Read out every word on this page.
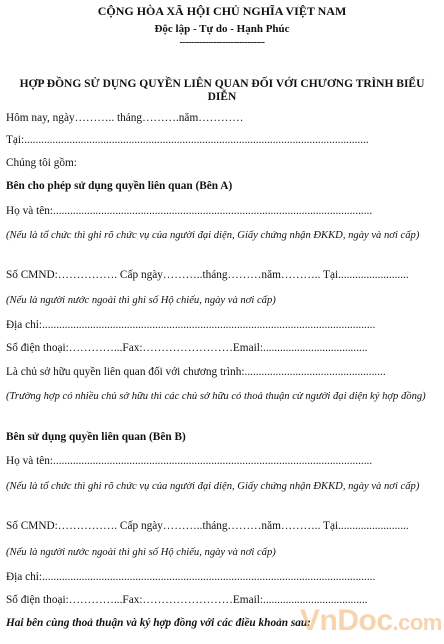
CỘNG HÒA XÃ HỘI CHỦ NGHĨA VIỆT NAM
Độc lập - Tự do - Hạnh Phúc
------------------------------
HỢP ĐỒNG SỬ DỤNG QUYỀN LIÊN QUAN ĐỐI VỚI CHƯƠNG TRÌNH BIỂU DIỄN
Hôm nay, ngày……….. tháng……….năm…………
Tại:..........................................................................................................................
Chúng tôi gồm:
Bên cho phép sử dụng quyền liên quan (Bên A)
Họ và tên:.................................................................................................................
(Nếu là tổ chức thì ghi rõ chức vụ của người đại diện, Giấy chứng nhận ĐKKD, ngày và nơi cấp)
Số CMND:……………. Cấp ngày………..tháng………năm……….. Tại.........................
(Nếu là người nước ngoài thì ghi số Hộ chiếu, ngày và nơi cấp)
Địa chỉ:......................................................................................................................
Số điện thoại:…………...Fax:……………………Email:.....................................
Là chủ sở hữu quyền liên quan đối với chương trình:..................................................
(Trường hợp có nhiều chủ sở hữu thì các chủ sở hữu có thoả thuận cử người đại diện ký hợp đồng)
Bên sử dụng quyền liên quan (Bên B)
Họ và tên:.................................................................................................................
(Nếu là tổ chức thì ghi rõ chức vụ của người đại diện, Giấy chứng nhận ĐKKD, ngày và nơi cấp)
Số CMND:……………. Cấp ngày………..tháng………năm……….. Tại.........................
(Nếu là người nước ngoài thì ghi số Hộ chiếu, ngày và nơi cấp)
Địa chỉ:......................................................................................................................
Số điện thoại:…………...Fax:……………………Email:.....................................
Hai bên cùng thoả thuận và ký hợp đồng với các điều khoản sau:
VnDoc.com
